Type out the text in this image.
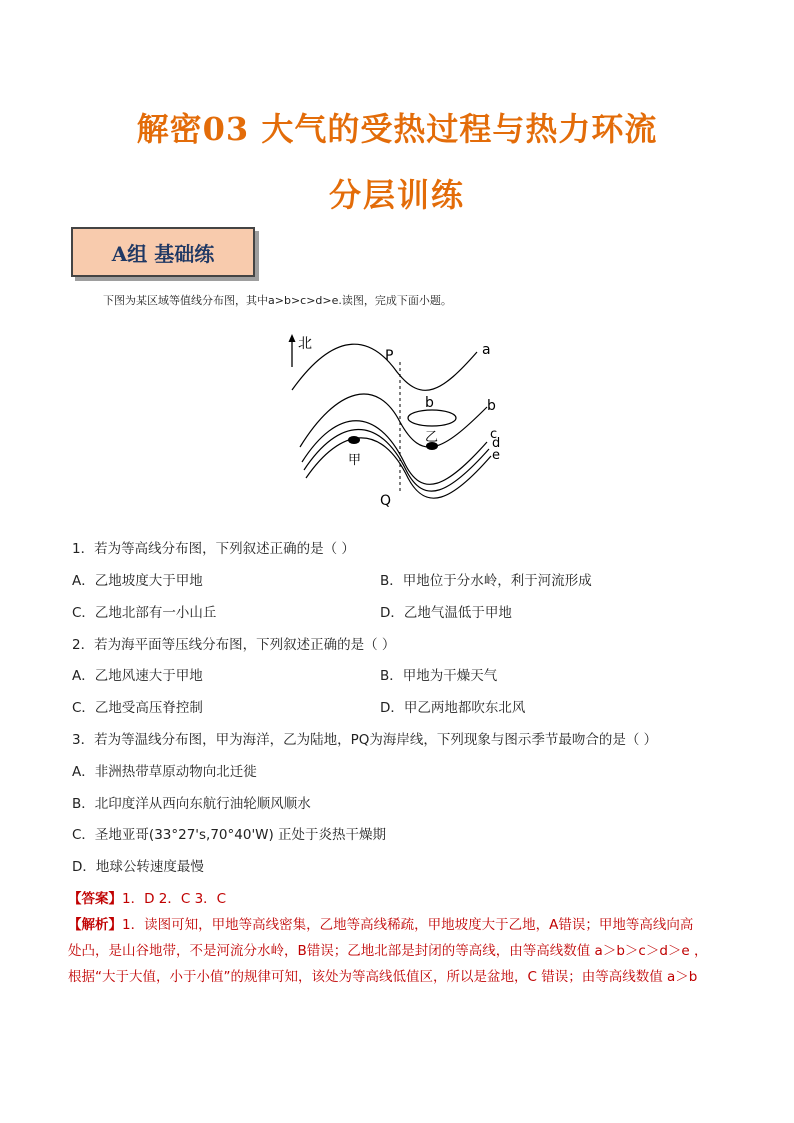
解密03 大气的受热过程与热力环流
分层训练
A组 基础练
下图为某区域等值线分布图，其中a>b>c>d>e.读图，完成下面小题。
北
P
Q
a
b	b
c
d
e
乙
甲
1．若为等高线分布图，下列叙述正确的是（ ）
A．乙地坡度大于甲地	B．甲地位于分水岭，利于河流形成
C．乙地北部有一小山丘	D．乙地气温低于甲地
2．若为海平面等压线分布图，下列叙述正确的是（ ）
A．乙地风速大于甲地	B．甲地为干燥天气
C．乙地受高压脊控制	D．甲乙两地都吹东北风
3．若为等温线分布图，甲为海洋，乙为陆地，PQ为海岸线，下列现象与图示季节最吻合的是（ ）
A．非洲热带草原动物向北迁徙
B．北印度洋从西向东航行油轮顺风顺水
C．圣地亚哥(33°27's,70°40'W) 正处于炎热干燥期
D．地球公转速度最慢
【答案】1．D 2．C 3．C
【解析】1．读图可知，甲地等高线密集，乙地等高线稀疏，甲地坡度大于乙地，A错误；甲地等高线向高
处凸，是山谷地带，不是河流分水岭，B错误；乙地北部是封闭的等高线，由等高线数值 a＞b＞c＞d＞e ，
根据“大于大值，小于小值”的规律可知，该处为等高线低值区，所以是盆地，C 错误；由等高线数值 a＞b
